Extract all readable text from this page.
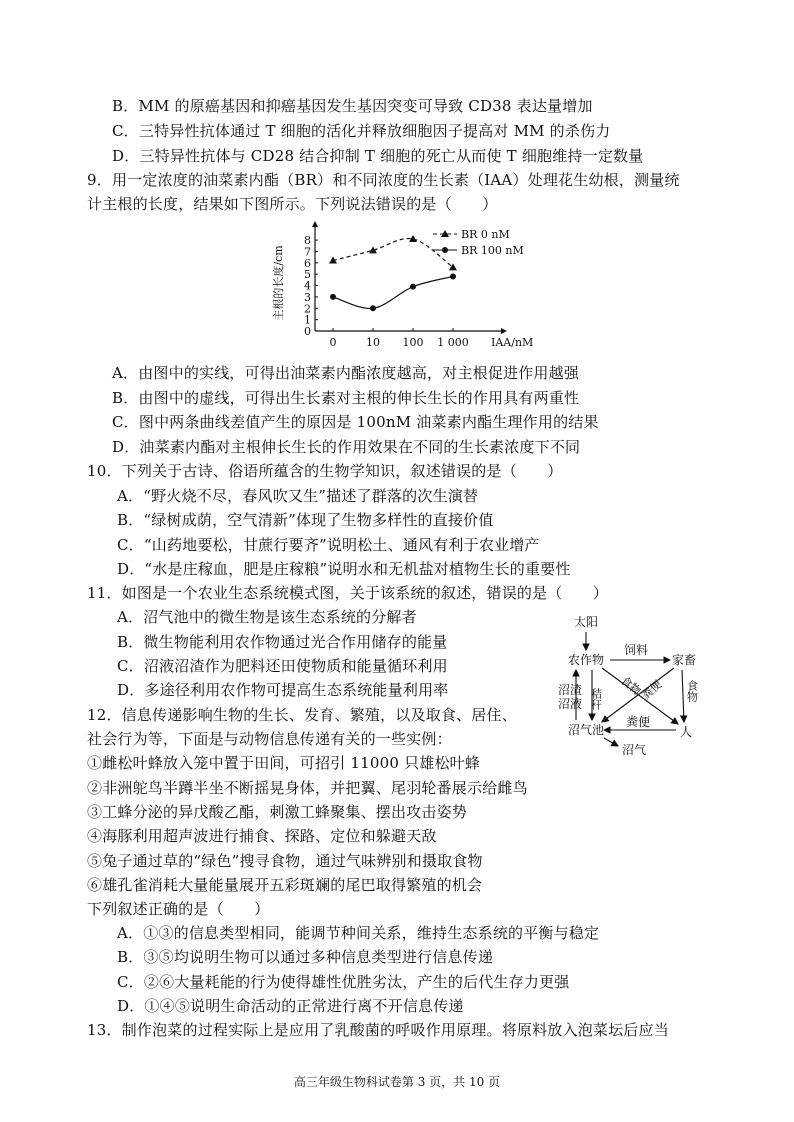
B．MM 的原癌基因和抑癌基因发生基因突变可导致 CD38 表达量增加
C．三特异性抗体通过 T 细胞的活化并释放细胞因子提高对 MM 的杀伤力
D．三特异性抗体与 CD28 结合抑制 T 细胞的死亡从而使 T 细胞维持一定数量
9．用一定浓度的油菜素内酯（BR）和不同浓度的生长素（IAA）处理花生幼根，测量统
计主根的长度，结果如下图所示。下列说法错误的是（　　）
0
1
2
3
4
5
6
7
8
0	10 100 1 000 IAA/nM
主根的长度/cm
BR 0 nM
BR 100 nM
A．由图中的实线，可得出油菜素内酯浓度越高，对主根促进作用越强
B．由图中的虚线，可得出生长素对主根的伸长生长的作用具有两重性
C．图中两条曲线差值产生的原因是 100nM 油菜素内酯生理作用的结果
D．油菜素内酯对主根伸长生长的作用效果在不同的生长素浓度下不同
10．下列关于古诗、俗语所蕴含的生物学知识，叙述错误的是（　　）
A．“野火烧不尽，春风吹又生”描述了群落的次生演替
B．“绿树成荫，空气清新”体现了生物多样性的直接价值
C．“山药地要松，甘蔗行要齐”说明松土、通风有利于农业增产
D．“水是庄稼血，肥是庄稼粮”说明水和无机盐对植物生长的重要性
11．如图是一个农业生态系统模式图，关于该系统的叙述，错误的是（　　）
A．沼气池中的微生物是该生态系统的分解者
B．微生物能利用农作物通过光合作用储存的能量
C．沼液沼渣作为肥料还田使物质和能量循环利用
D．多途径利用农作物可提高生态系统能量利用率
太阳
农作物	家畜
饲料
沼气池	人
沼气
粪便
沼渣
沼液 秸秆	食物
食物
粪便
12．信息传递影响生物的生长、发育、繁殖，以及取食、居住、
社会行为等，下面是与动物信息传递有关的一些实例：
①雌松叶蜂放入笼中置于田间，可招引 11000 只雄松叶蜂
②非洲鸵鸟半蹲半坐不断摇晃身体，并把翼、尾羽轮番展示给雌鸟
③工蜂分泌的异戊酸乙酯，刺激工蜂聚集、摆出攻击姿势
④海豚利用超声波进行捕食、探路、定位和躲避天敌
⑤兔子通过草的“绿色”搜寻食物，通过气味辨别和摄取食物
⑥雄孔雀消耗大量能量展开五彩斑斓的尾巴取得繁殖的机会
下列叙述正确的是（　　）
A．①③的信息类型相同，能调节种间关系，维持生态系统的平衡与稳定
B．③⑤均说明生物可以通过多种信息类型进行信息传递
C．②⑥大量耗能的行为使得雄性优胜劣汰，产生的后代生存力更强
D．①④⑤说明生命活动的正常进行离不开信息传递
13．制作泡菜的过程实际上是应用了乳酸菌的呼吸作用原理。将原料放入泡菜坛后应当
高三年级生物科试卷第 3 页，共 10 页
